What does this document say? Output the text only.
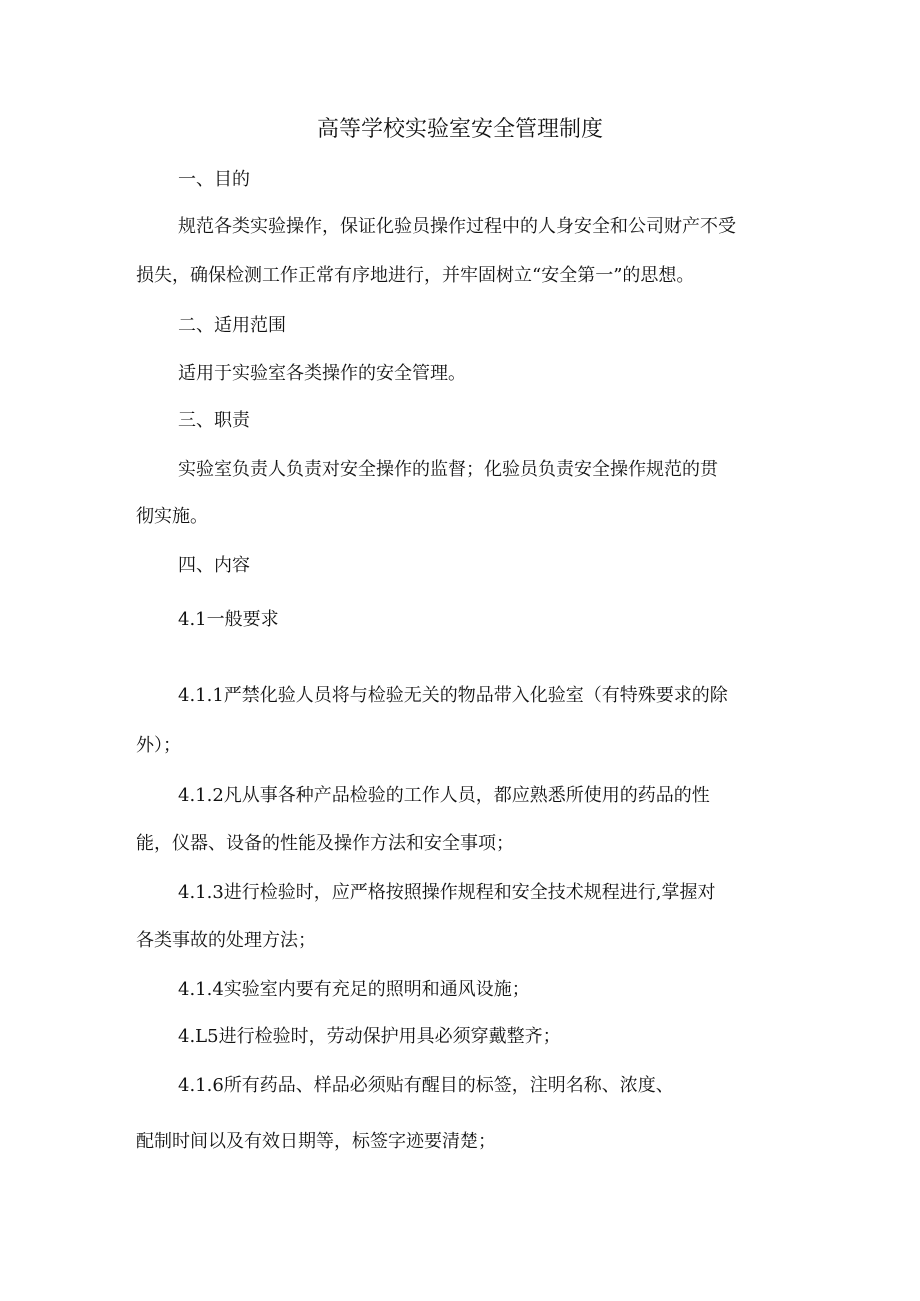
高等学校实验室安全管理制度
一、目的
规范各类实验操作，保证化验员操作过程中的人身安全和公司财产不受
损失，确保检测工作正常有序地进行，并牢固树立“安全第一”的思想。
二、适用范围
适用于实验室各类操作的安全管理。
三、职责
实验室负责人负责对安全操作的监督；化验员负责安全操作规范的贯
彻实施。
四、内容
4.1一般要求
4.1.1严禁化验人员将与检验无关的物品带入化验室（有特殊要求的除
外）；
4.1.2凡从事各种产品检验的工作人员，都应熟悉所使用的药品的性
能，仪器、设备的性能及操作方法和安全事项；
4.1.3进行检验时，应严格按照操作规程和安全技术规程进行,掌握对
各类事故的处理方法；
4.1.4实验室内要有充足的照明和通风设施；
4.L5进行检验时，劳动保护用具必须穿戴整齐；
4.1.6所有药品、样品必须贴有醒目的标签，注明名称、浓度、
配制时间以及有效日期等，标签字迹要清楚；
